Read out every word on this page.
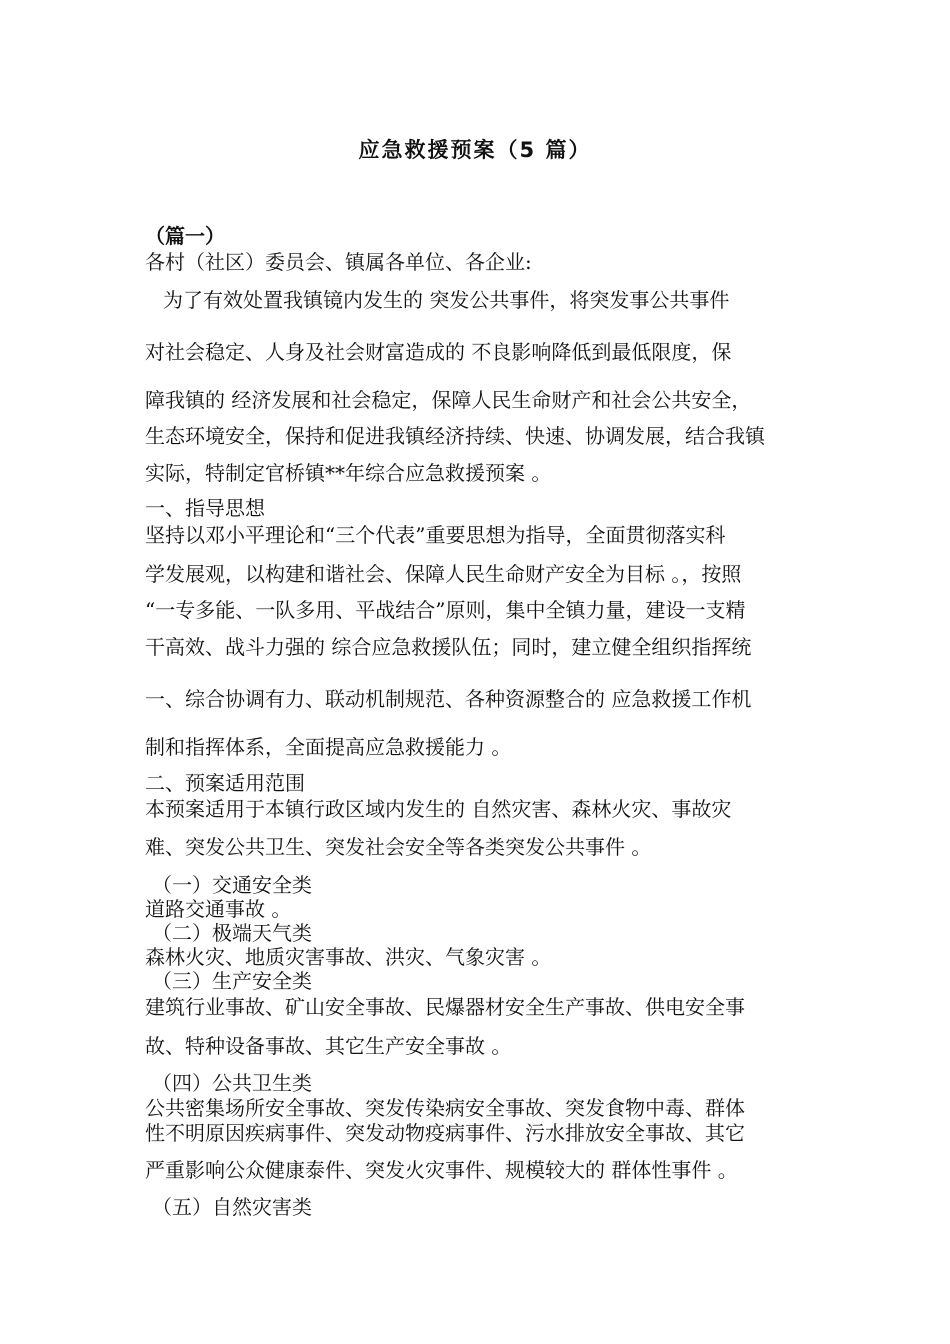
应急救援预案（5 篇）
（篇一）
各村（社区）委员会、镇属各单位、各企业:
为了有效处置我镇镜内发生的 突发公共事件，将突发事公共事件
对社会稳定、人身及社会财富造成的 不良影响降低到最低限度，保
障我镇的 经济发展和社会稳定，保障人民生命财产和社会公共安全，
生态环境安全，保持和促进我镇经济持续、快速、协调发展，结合我镇
实际，特制定官桥镇**年综合应急救援预案 。
一、指导思想
坚持以邓小平理论和“三个代表”重要思想为指导，全面贯彻落实科
学发展观，以构建和谐社会、保障人民生命财产安全为目标 。，按照
“一专多能、一队多用、平战结合”原则，集中全镇力量，建设一支精
干高效、战斗力强的 综合应急救援队伍；同时，建立健全组织指挥统
一、综合协调有力、联动机制规范、各种资源整合的 应急救援工作机
制和指挥体系，全面提高应急救援能力 。
二、预案适用范围
本预案适用于本镇行政区域内发生的 自然灾害、森林火灾、事故灾
难、突发公共卫生、突发社会安全等各类突发公共事件 。
（一）交通安全类
道路交通事故 。
（二）极端天气类
森林火灾、地质灾害事故、洪灾、气象灾害 。
（三）生产安全类
建筑行业事故、矿山安全事故、民爆器材安全生产事故、供电安全事
故、特种设备事故、其它生产安全事故 。
（四）公共卫生类
公共密集场所安全事故、突发传染病安全事故、突发食物中毒、群体
性不明原因疾病事件、突发动物疫病事件、污水排放安全事故、其它
严重影响公众健康泰件、突发火灾事件、规模较大的 群体性事件 。
（五）自然灾害类
